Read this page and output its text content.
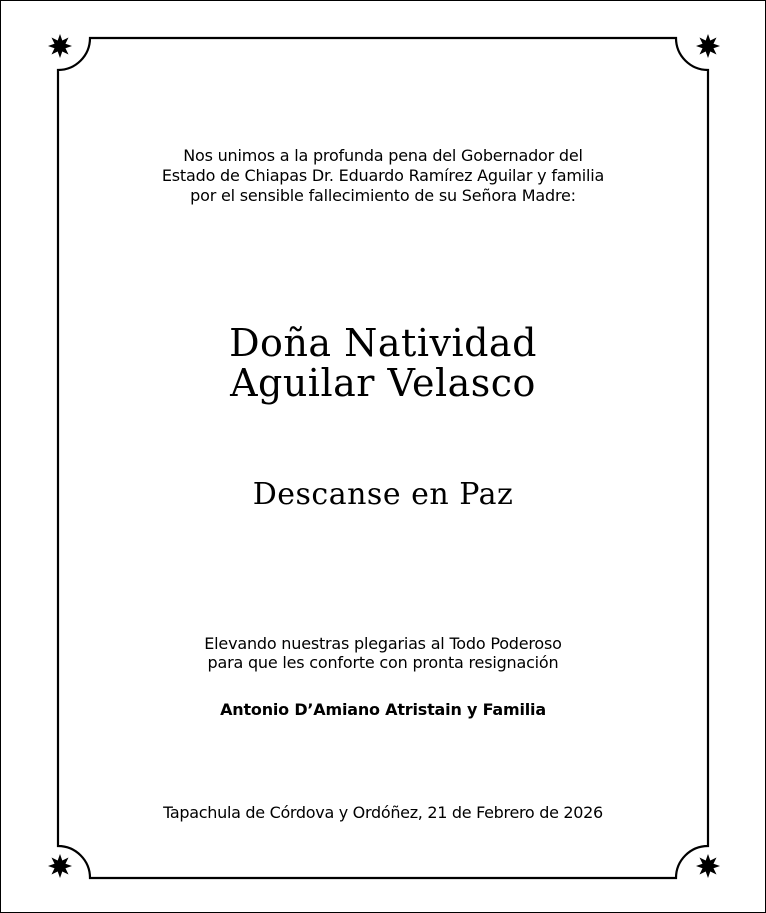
Nos unimos a la profunda pena del Gobernador del
Estado de Chiapas Dr. Eduardo Ramírez Aguilar y familia
por el sensible fallecimiento de su Señora Madre:

Doña Natividad
Aguilar Velasco

Descanse en Paz

Elevando nuestras plegarias al Todo Poderoso
para que les conforte con pronta resignación

Antonio D’Amiano Atristain y Familia

Tapachula de Córdova y Ordóñez, 21 de Febrero de 2026
